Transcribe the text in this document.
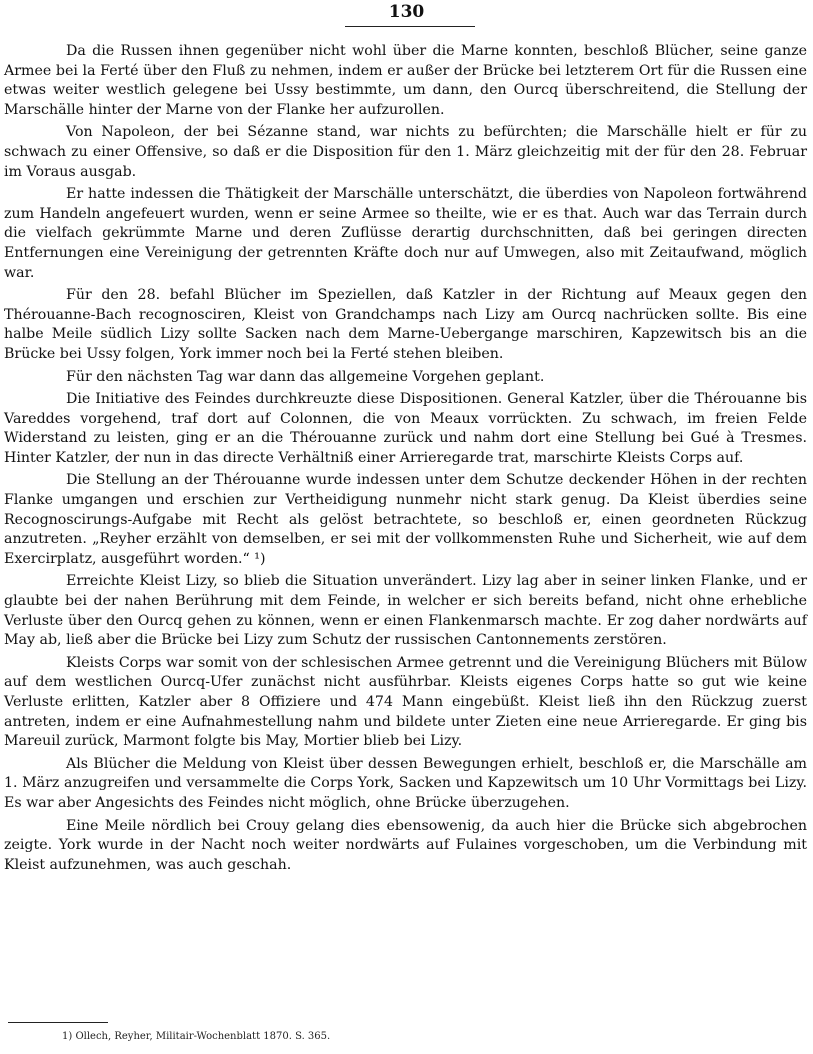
130

Da die Russen ihnen gegenüber nicht wohl über die Marne konnten, beschloß Blücher, seine ganze Armee bei la Ferté über den Fluß zu nehmen, indem er außer der Brücke bei letzterem Ort für die Russen eine etwas weiter westlich gelegene bei Ussy bestimmte, um dann, den Ourcq überschreitend, die Stellung der Marschälle hinter der Marne von der Flanke her aufzurollen.

Von Napoleon, der bei Sézanne stand, war nichts zu befürchten; die Marschälle hielt er für zu schwach zu einer Offensive, so daß er die Disposition für den 1. März gleichzeitig mit der für den 28. Februar im Voraus ausgab.

Er hatte indessen die Thätigkeit der Marschälle unterschätzt, die überdies von Napoleon fortwährend zum Handeln angefeuert wurden, wenn er seine Armee so theilte, wie er es that. Auch war das Terrain durch die vielfach gekrümmte Marne und deren Zuflüsse derartig durchschnitten, daß bei geringen directen Entfernungen eine Vereinigung der getrennten Kräfte doch nur auf Umwegen, also mit Zeitaufwand, möglich war.

Für den 28. befahl Blücher im Speziellen, daß Katzler in der Richtung auf Meaux gegen den Thérouanne-Bach recognosciren, Kleist von Grandchamps nach Lizy am Ourcq nachrücken sollte. Bis eine halbe Meile südlich Lizy sollte Sacken nach dem Marne-Uebergange marschiren, Kapzewitsch bis an die Brücke bei Ussy folgen, York immer noch bei la Ferté stehen bleiben.

Für den nächsten Tag war dann das allgemeine Vorgehen geplant.

Die Initiative des Feindes durchkreuzte diese Dispositionen. General Katzler, über die Thérouanne bis Vareddes vorgehend, traf dort auf Colonnen, die von Meaux vorrückten. Zu schwach, im freien Felde Widerstand zu leisten, ging er an die Thérouanne zurück und nahm dort eine Stellung bei Gué à Tresmes. Hinter Katzler, der nun in das directe Verhältniß einer Arrieregarde trat, marschirte Kleists Corps auf.

Die Stellung an der Thérouanne wurde indessen unter dem Schutze deckender Höhen in der rechten Flanke umgangen und erschien zur Vertheidigung nunmehr nicht stark genug. Da Kleist überdies seine Recognoscirungs-Aufgabe mit Recht als gelöst betrachtete, so beschloß er, einen geordneten Rückzug anzutreten. „Reyher erzählt von demselben, er sei mit der vollkommensten Ruhe und Sicherheit, wie auf dem Exercirplatz, ausgeführt worden.“ ¹)

Erreichte Kleist Lizy, so blieb die Situation unverändert. Lizy lag aber in seiner linken Flanke, und er glaubte bei der nahen Berührung mit dem Feinde, in welcher er sich bereits befand, nicht ohne erhebliche Verluste über den Ourcq gehen zu können, wenn er einen Flankenmarsch machte. Er zog daher nordwärts auf May ab, ließ aber die Brücke bei Lizy zum Schutz der russischen Cantonnements zerstören.

Kleists Corps war somit von der schlesischen Armee getrennt und die Vereinigung Blüchers mit Bülow auf dem westlichen Ourcq-Ufer zunächst nicht ausführbar. Kleists eigenes Corps hatte so gut wie keine Verluste erlitten, Katzler aber 8 Offiziere und 474 Mann eingebüßt. Kleist ließ ihn den Rückzug zuerst antreten, indem er eine Aufnahmestellung nahm und bildete unter Zieten eine neue Arrieregarde. Er ging bis Mareuil zurück, Marmont folgte bis May, Mortier blieb bei Lizy.

Als Blücher die Meldung von Kleist über dessen Bewegungen erhielt, beschloß er, die Marschälle am 1. März anzugreifen und versammelte die Corps York, Sacken und Kapzewitsch um 10 Uhr Vormittags bei Lizy. Es war aber Angesichts des Feindes nicht möglich, ohne Brücke überzugehen.

Eine Meile nördlich bei Crouy gelang dies ebensowenig, da auch hier die Brücke sich abgebrochen zeigte. York wurde in der Nacht noch weiter nordwärts auf Fulaines vorgeschoben, um die Verbindung mit Kleist aufzunehmen, was auch geschah.

1) Ollech, Reyher, Militair-Wochenblatt 1870. S. 365.
